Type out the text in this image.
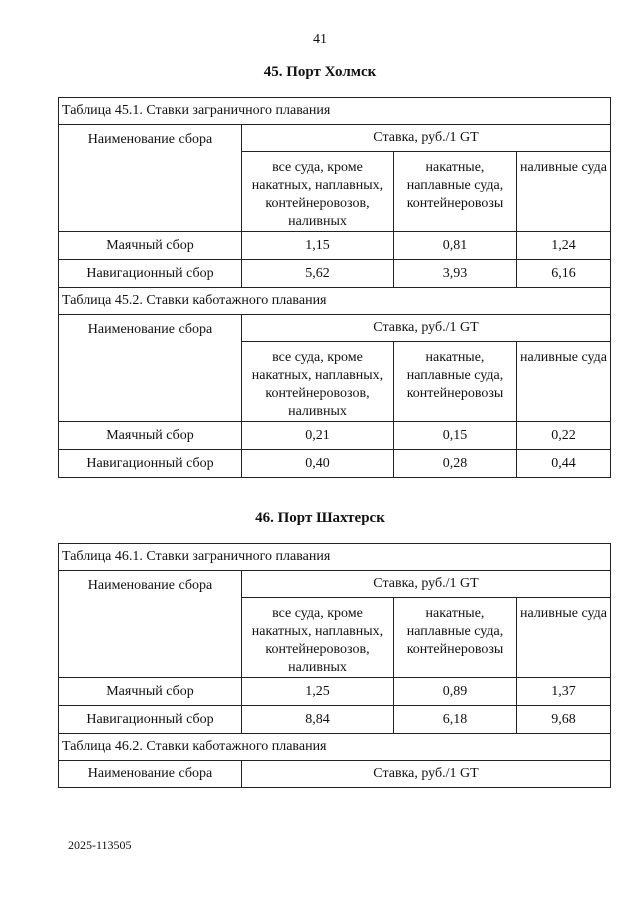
41
45. Порт Холмск
Таблица 45.1. Ставки заграничного плавания			
Наименование сбора	Ставка, руб./1 GT		
	все суда, кроме накатных, наплавных, контейнеровозов, наливных	накатные, наплавные суда, контейнеровозы	наливные суда
Маячный сбор	1,15	0,81	1,24
Навигационный сбор	5,62	3,93	6,16
Таблица 45.2. Ставки каботажного плавания			
Наименование сбора	Ставка, руб./1 GT		
	все суда, кроме накатных, наплавных, контейнеровозов, наливных	накатные, наплавные суда, контейнеровозы	наливные суда
Маячный сбор	0,21	0,15	0,22
Навигационный сбор	0,40	0,28	0,44
46. Порт Шахтерск
Таблица 46.1. Ставки заграничного плавания			
Наименование сбора	Ставка, руб./1 GT		
	все суда, кроме накатных, наплавных, контейнеровозов, наливных	накатные, наплавные суда, контейнеровозы	наливные суда
Маячный сбор	1,25	0,89	1,37
Навигационный сбор	8,84	6,18	9,68
Таблица 46.2. Ставки каботажного плавания			
Наименование сбора	Ставка, руб./1 GT		
2025-113505
